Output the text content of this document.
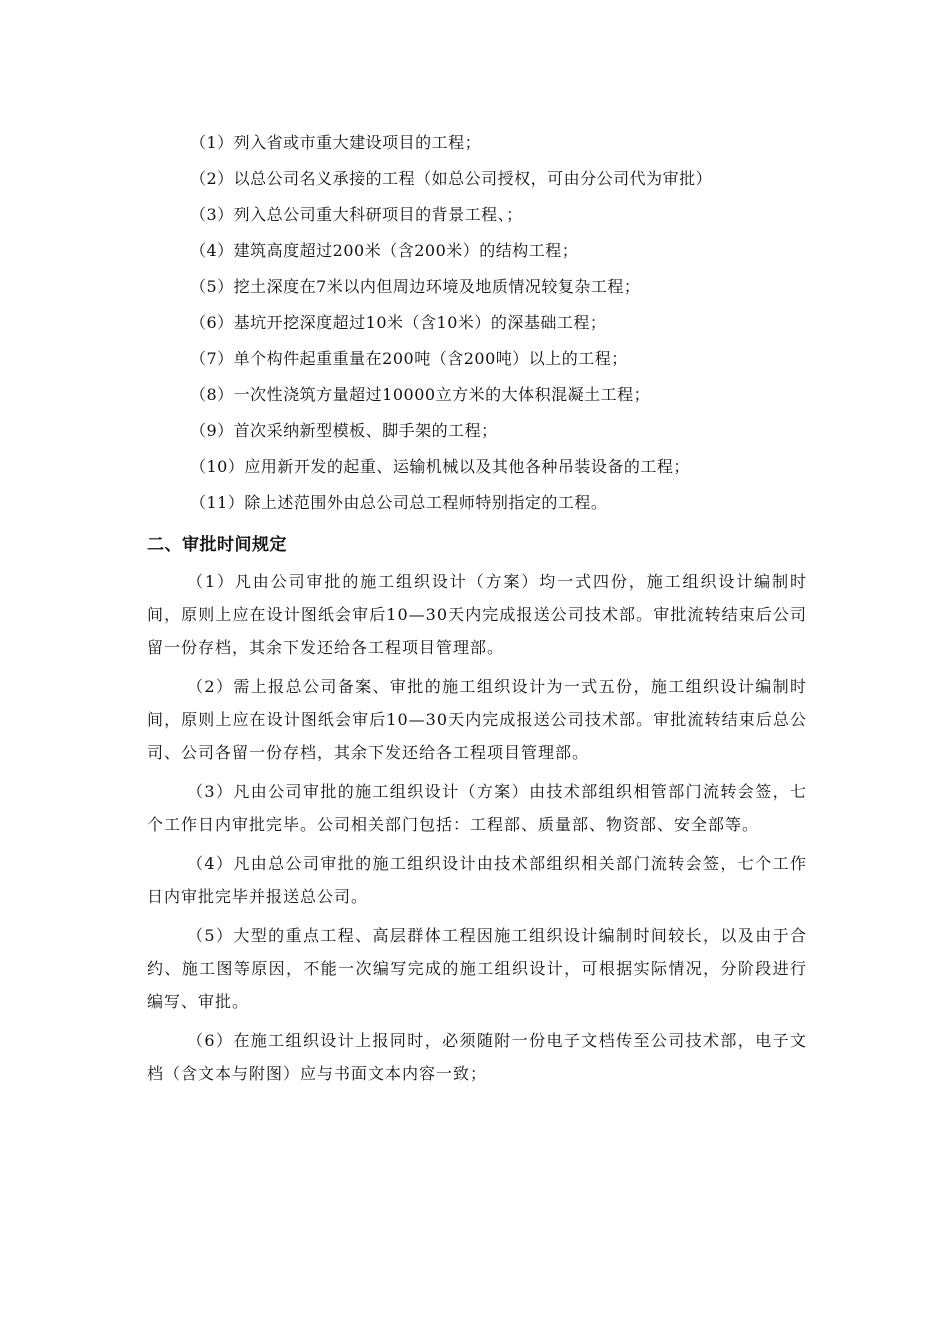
（1）列入省或市重大建设项目的工程；
（2）以总公司名义承接的工程（如总公司授权，可由分公司代为审批）
（3）列入总公司重大科研项目的背景工程、；
（4）建筑高度超过200米（含200米）的结构工程；
（5）挖土深度在7米以内但周边环境及地质情况较复杂工程；
（6）基坑开挖深度超过10米（含10米）的深基础工程；
（7）单个构件起重重量在200吨（含200吨）以上的工程；
（8）一次性浇筑方量超过10000立方米的大体积混凝土工程；
（9）首次采纳新型模板、脚手架的工程；
（10）应用新开发的起重、运输机械以及其他各种吊装设备的工程；
（11）除上述范围外由总公司总工程师特别指定的工程。
二、审批时间规定

（1）凡由公司审批的施工组织设计（方案）均一式四份，施工组织设计编制时间，原则上应在设计图纸会审后10—30天内完成报送公司技术部。审批流转结束后公司留一份存档，其余下发还给各工程项目管理部。

（2）需上报总公司备案、审批的施工组织设计为一式五份，施工组织设计编制时 间，原则上应在设计图纸会审后10—30天内完成报送公司技术部。审批流转结束后总公司、公司各留一份存档，其余下发还给各工程项目管理部。

（3）凡由公司审批的施工组织设计（方案）由技术部组织相管部门流转会签，七个工作日内审批完毕。公司相关部门包括：工程部、质量部、物资部、安全部等。

（4）凡由总公司审批的施工组织设计由技术部组织相关部门流转会签，七个工作日内审批完毕并报送总公司。

（5）大型的重点工程、高层群体工程因施工组织设计编制时间较长，以及由于合约、施工图等原因，不能一次编写完成的施工组织设计，可根据实际情况，分阶段进行编写、审批。

（6）在施工组织设计上报同时，必须随附一份电子文档传至公司技术部，电子文档（含文本与附图）应与书面文本内容一致；
